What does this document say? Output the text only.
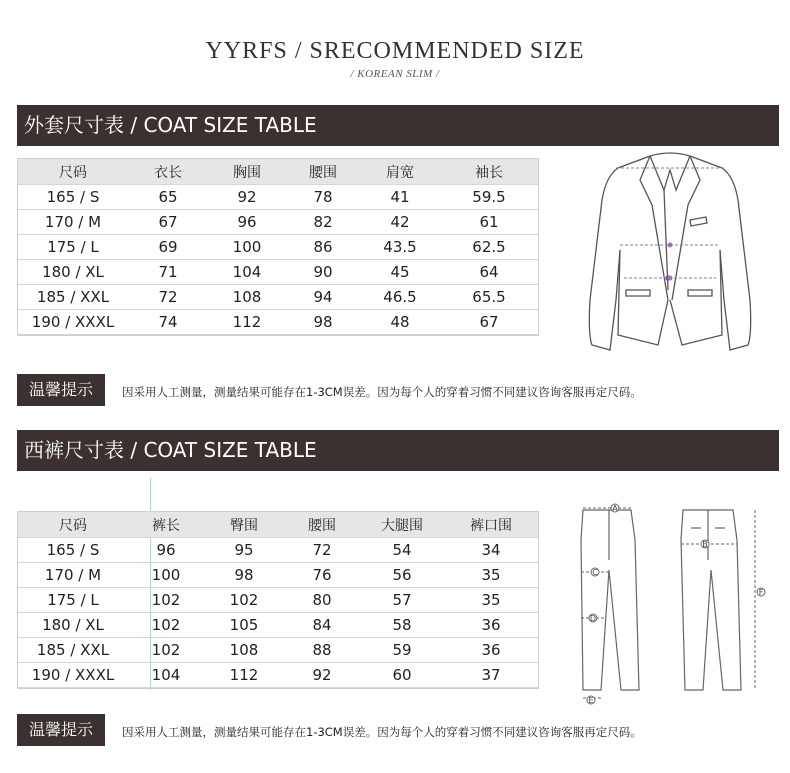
YYRFS / SRECOMMENDED SIZE
/ KOREAN SLIM /
外套尺寸表 / COAT SIZE TABLE
尺码	衣长	胸围	腰围	肩宽	袖长
165 / S	65	92	78	41	59.5
170 / M	67	96	82	42	61
175 / L	69	100	86	43.5	62.5
180 / XL	71	104	90	45	64
185 / XXL	72	108	94	46.5	65.5
190 / XXXL	74	112	98	48	67
温馨提示	因采用人工测量，测量结果可能存在1-3CM误差。因为每个人的穿着习惯不同建议咨询客服再定尺码。
西裤尺寸表 / COAT SIZE TABLE
尺码	裤长	臀围	腰围	大腿围	裤口围
165 / S	96	95	72	54	34
170 / M	100	98	76	56	35
175 / L	102	102	80	57	35
180 / XL	102	105	84	58	36
185 / XXL	102	108	88	59	36
190 / XXXL	104	112	92	60	37
A
B
C
D
E
F
温馨提示	因采用人工测量，测量结果可能存在1-3CM误差。因为每个人的穿着习惯不同建议咨询客服再定尺码。
